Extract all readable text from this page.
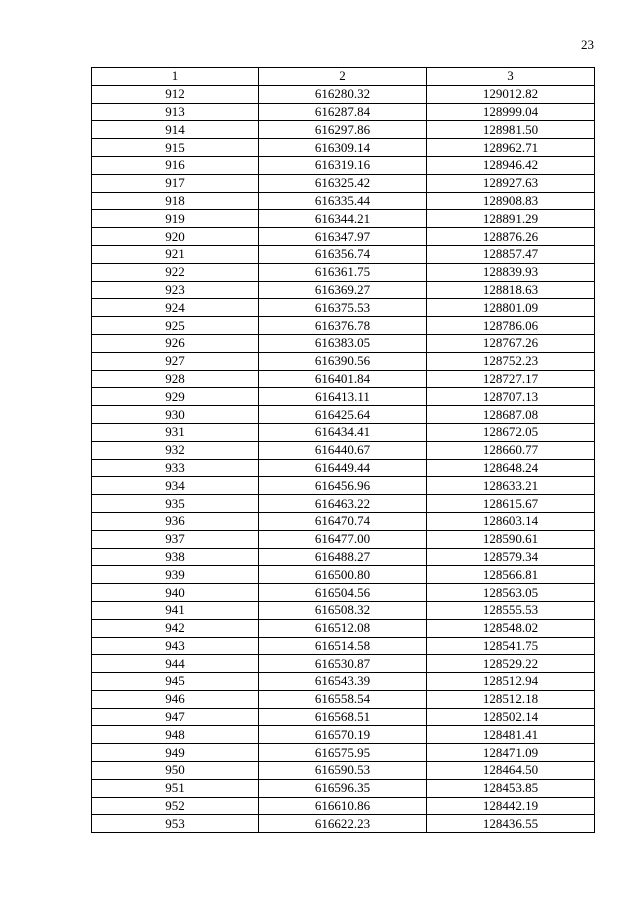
23
1	2	3
912	616280.32	129012.82
913	616287.84	128999.04
914	616297.86	128981.50
915	616309.14	128962.71
916	616319.16	128946.42
917	616325.42	128927.63
918	616335.44	128908.83
919	616344.21	128891.29
920	616347.97	128876.26
921	616356.74	128857.47
922	616361.75	128839.93
923	616369.27	128818.63
924	616375.53	128801.09
925	616376.78	128786.06
926	616383.05	128767.26
927	616390.56	128752.23
928	616401.84	128727.17
929	616413.11	128707.13
930	616425.64	128687.08
931	616434.41	128672.05
932	616440.67	128660.77
933	616449.44	128648.24
934	616456.96	128633.21
935	616463.22	128615.67
936	616470.74	128603.14
937	616477.00	128590.61
938	616488.27	128579.34
939	616500.80	128566.81
940	616504.56	128563.05
941	616508.32	128555.53
942	616512.08	128548.02
943	616514.58	128541.75
944	616530.87	128529.22
945	616543.39	128512.94
946	616558.54	128512.18
947	616568.51	128502.14
948	616570.19	128481.41
949	616575.95	128471.09
950	616590.53	128464.50
951	616596.35	128453.85
952	616610.86	128442.19
953	616622.23	128436.55
